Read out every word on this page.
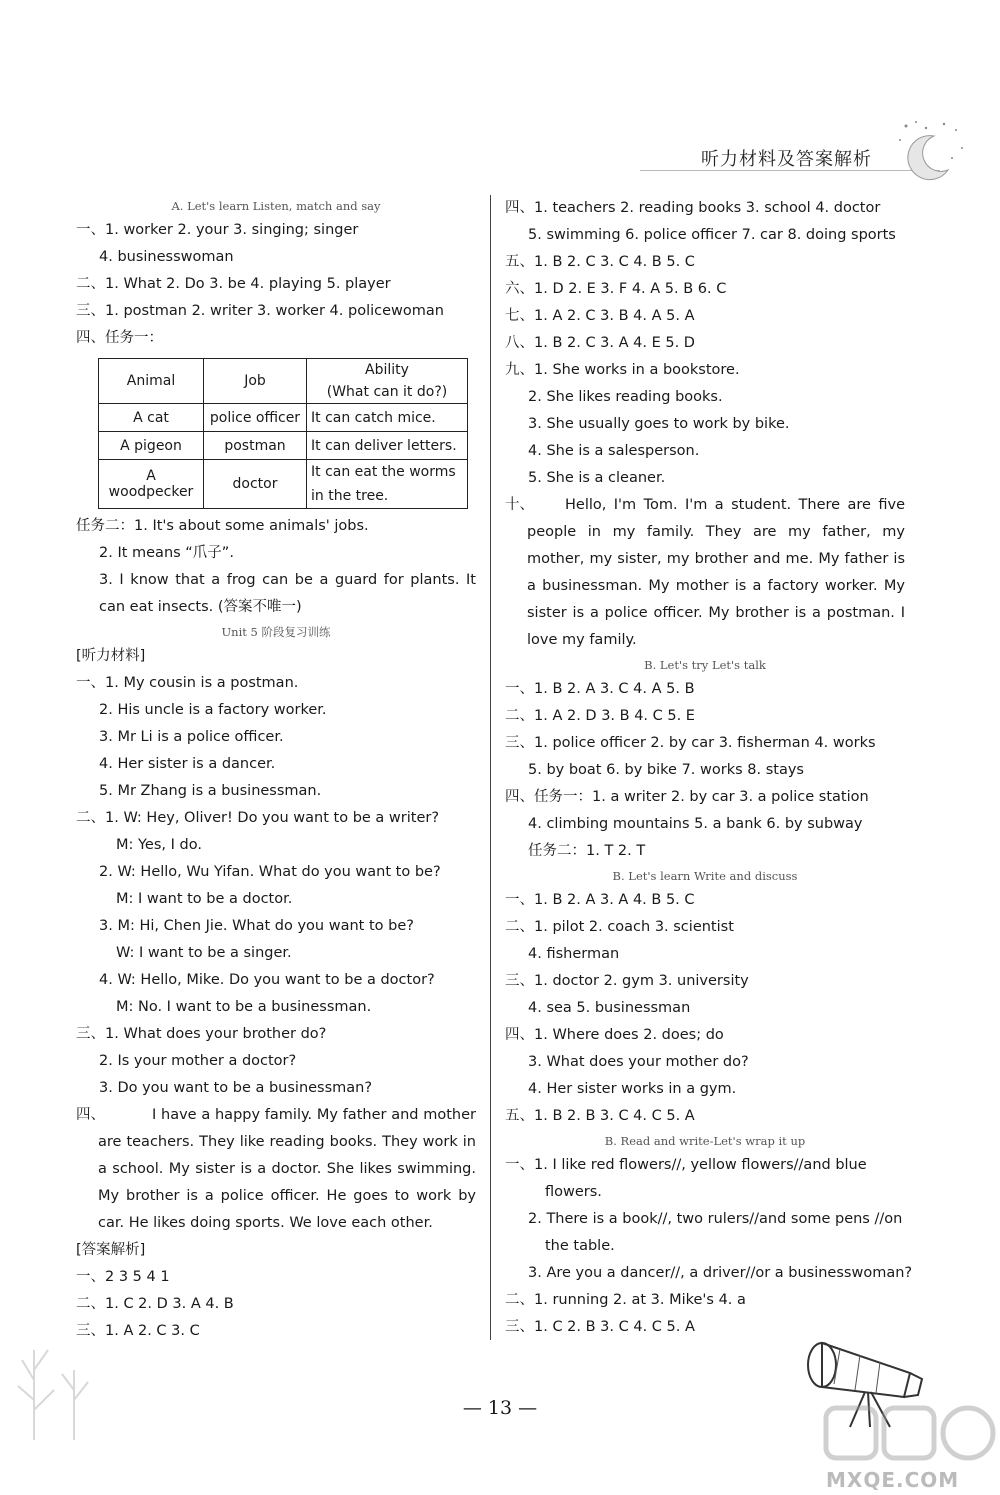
听力材料及答案解析
A. Let's learn Listen, match and say
一、1. worker 2. your 3. singing; singer
4. businesswoman
二、1. What 2. Do 3. be 4. playing 5. player
三、1. postman 2. writer 3. worker 4. policewoman
四、任务一：
Animal	Job	Ability
(What can it do?)

A cat	police officer	It can catch mice.
A pigeon	postman	It can deliver letters.
A woodpecker	doctor	It can eat the worms in the tree.
任务二：1. It's about some animals' jobs.
2. It means “爪子”.
3. I know that a frog can be a guard for plants. It can eat insects. (答案不唯一)
Unit 5 阶段复习训练
[听力材料]
一、1. My cousin is a postman.
2. His uncle is a factory worker.
3. Mr Li is a police officer.
4. Her sister is a dancer.
5. Mr Zhang is a businessman.
二、1. W: Hey, Oliver! Do you want to be a writer?
M: Yes, I do.
2. W: Hello, Wu Yifan. What do you want to be?
M: I want to be a doctor.
3. M: Hi, Chen Jie. What do you want to be?
W: I want to be a singer.
4. W: Hello, Mike. Do you want to be a doctor?
M: No. I want to be a businessman.
三、1. What does your brother do?
2. Is your mother a doctor?
3. Do you want to be a businessman?
四、	I have a happy family. My father and mother are teachers. They like reading books. They work in a school. My sister is a doctor. She likes swimming. My brother is a police officer. He goes to work by car. He likes doing sports. We love each other.
[答案解析]
一、2 3 5 4 1
二、1. C 2. D 3. A 4. B
三、1. A 2. C 3. C
四、1. teachers 2. reading books 3. school 4. doctor
5. swimming 6. police officer 7. car 8. doing sports
五、1. B 2. C 3. C 4. B 5. C
六、1. D 2. E 3. F 4. A 5. B 6. C
七、1. A 2. C 3. B 4. A 5. A
八、1. B 2. C 3. A 4. E 5. D
九、1. She works in a bookstore.
2. She likes reading books.
3. She usually goes to work by bike.
4. She is a salesperson.
5. She is a cleaner.
十、	Hello, I'm Tom. I'm a student. There are five people in my family. They are my father, my mother, my sister, my brother and me. My father is a businessman. My mother is a factory worker. My sister is a police officer. My brother is a postman. I love my family.
B. Let's try Let's talk
一、1. B 2. A 3. C 4. A 5. B
二、1. A 2. D 3. B 4. C 5. E
三、1. police officer 2. by car 3. fisherman 4. works
5. by boat 6. by bike 7. works 8. stays
四、任务一：1. a writer 2. by car 3. a police station
4. climbing mountains 5. a bank 6. by subway
任务二：1. T 2. T
B. Let's learn Write and discuss
一、1. B 2. A 3. A 4. B 5. C
二、1. pilot 2. coach 3. scientist
4. fisherman
三、1. doctor 2. gym 3. university
4. sea 5. businessman
四、1. Where does 2. does; do
3. What does your mother do?
4. Her sister works in a gym.
五、1. B 2. B 3. C 4. C 5. A
B. Read and write-Let's wrap it up
一、1. I like red flowers//, yellow flowers//and blue
flowers.
2. There is a book//, two rulers//and some pens //on
the table.
3. Are you a dancer//, a driver//or a businesswoman?
二、1. running 2. at 3. Mike's 4. a
三、1. C 2. B 3. C 4. C 5. A
— 13 —
MXQE.COM
